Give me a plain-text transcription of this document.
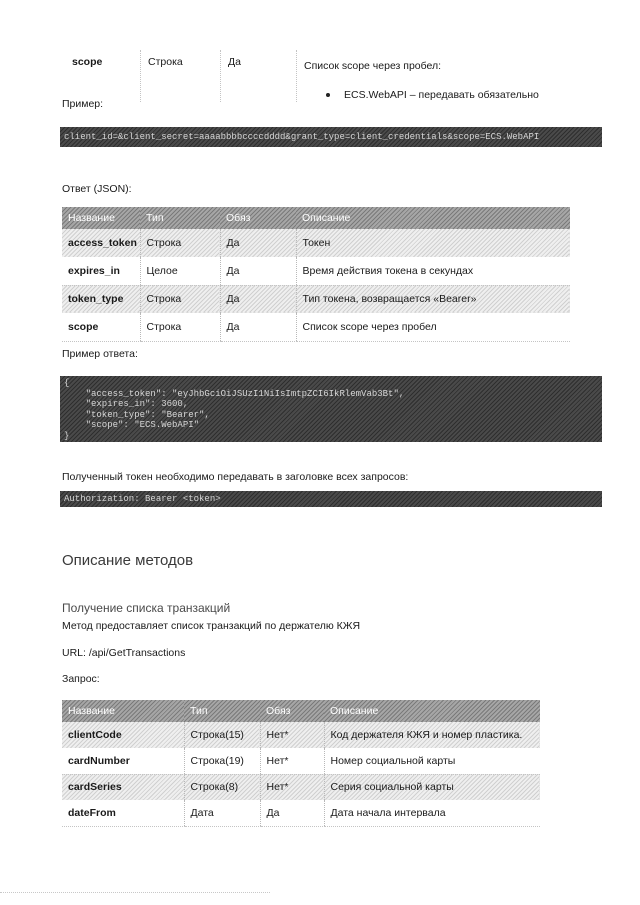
scope	Строка	Да	Список scope через пробел:
ECS.WebAPI – передавать обязательно
Пример:
client_id=&client_secret=aaaabbbbccccdddd&grant_type=client_credentials&scope=ECS.WebAPI
Ответ (JSON):
Название	Тип	Обяз	Описание
access_token	Строка	Да	Токен
expires_in	Целое	Да	Время действия токена в секундах
token_type	Строка	Да	Тип токена, возвращается «Bearer»
scope	Строка	Да	Список scope через пробел
Пример ответа:
{
"access_token": "eyJhbGciOiJSUzI1NiIsImtpZCI6IkRlemVab3Bt",
"expires_in": 3600,
"token_type": "Bearer",
"scope": "ECS.WebAPI"
}
Полученный токен необходимо передавать в заголовке всех запросов:
Authorization: Bearer <token>
Описание методов
Получение списка транзакций
Метод предоставляет список транзакций по держателю КЖЯ
URL: /api/GetTransactions
Запрос:
Название	Тип	Обяз	Описание
clientCode	Строка(15)	Нет*	Код держателя КЖЯ и номер пластика.
cardNumber	Строка(19)	Нет*	Номер социальной карты
cardSeries	Строка(8)	Нет*	Серия социальной карты
dateFrom	Дата	Да	Дата начала интервала
